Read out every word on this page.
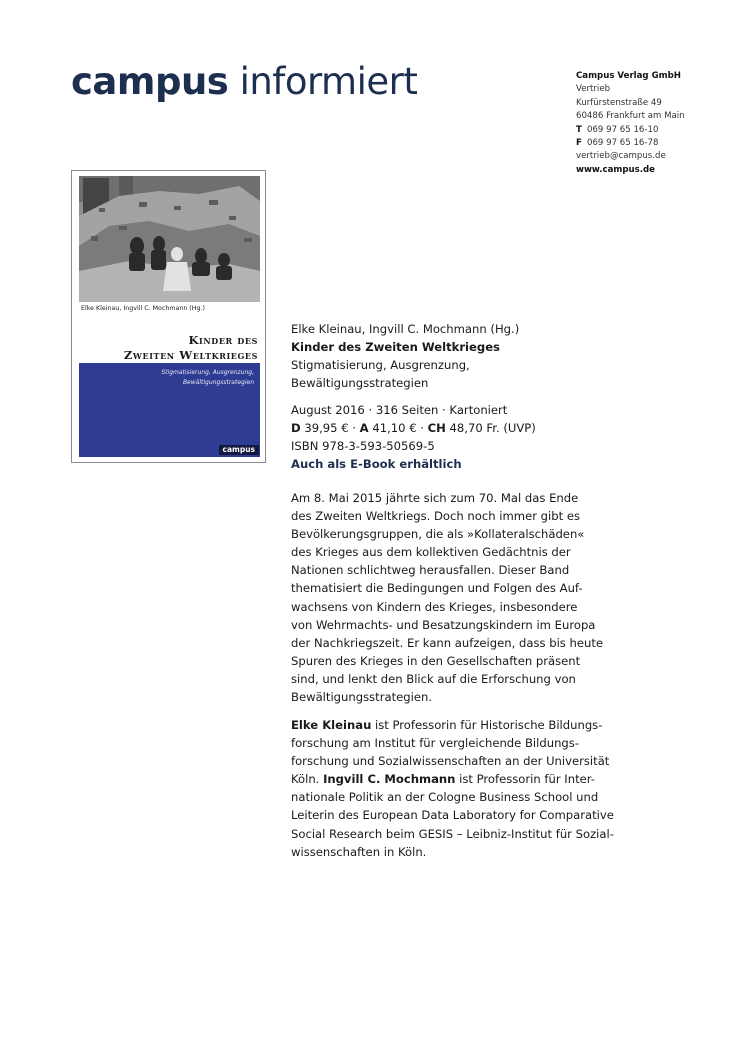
campus informiert	Campus Verlag GmbH
Vertrieb
Kurfürstenstraße 49
60486 Frankfurt am Main
T 069 97 65 16-10
F 069 97 65 16-78
vertrieb@campus.de
www.campus.de
Elke Kleinau, Ingvill C. Mochmann (Hg.)
Kinder des
Zweiten Weltkrieges
Stigmatisierung, Ausgrenzung,
Bewältigungsstrategien
campus
Elke Kleinau, Ingvill C. Mochmann (Hg.)
Kinder des Zweiten Weltkrieges
Stigmatisierung, Ausgrenzung,
Bewältigungsstrategien
August 2016 · 316 Seiten · Kartoniert
D 39,95 € · A 41,10 € · CH 48,70 Fr. (UVP)
ISBN 978-3-593-50569-5
Auch als E-Book erhältlich
Am 8. Mai 2015 jährte sich zum 70. Mal das Ende
des Zweiten Weltkriegs. Doch noch immer gibt es
Bevölkerungsgruppen, die als »Kollateralschäden«
des Krieges aus dem kollektiven Gedächtnis der
Nationen schlichtweg herausfallen. Dieser Band
thematisiert die Bedingungen und Folgen des Auf-
wachsens von Kindern des Krieges, insbesondere
von Wehrmachts- und Besatzungskindern im Europa
der Nachkriegszeit. Er kann aufzeigen, dass bis heute
Spuren des Krieges in den Gesellschaften präsent
sind, und lenkt den Blick auf die Erforschung von
Bewältigungsstrategien.
Elke Kleinau ist Professorin für Historische Bildungs-
forschung am Institut für vergleichende Bildungs-
forschung und Sozialwissenschaften an der Universität
Köln. Ingvill C. Mochmann ist Professorin für Inter-
nationale Politik an der Cologne Business School und
Leiterin des European Data Laboratory for Comparative
Social Research beim GESIS – Leibniz-Institut für Sozial-
wissenschaften in Köln.
